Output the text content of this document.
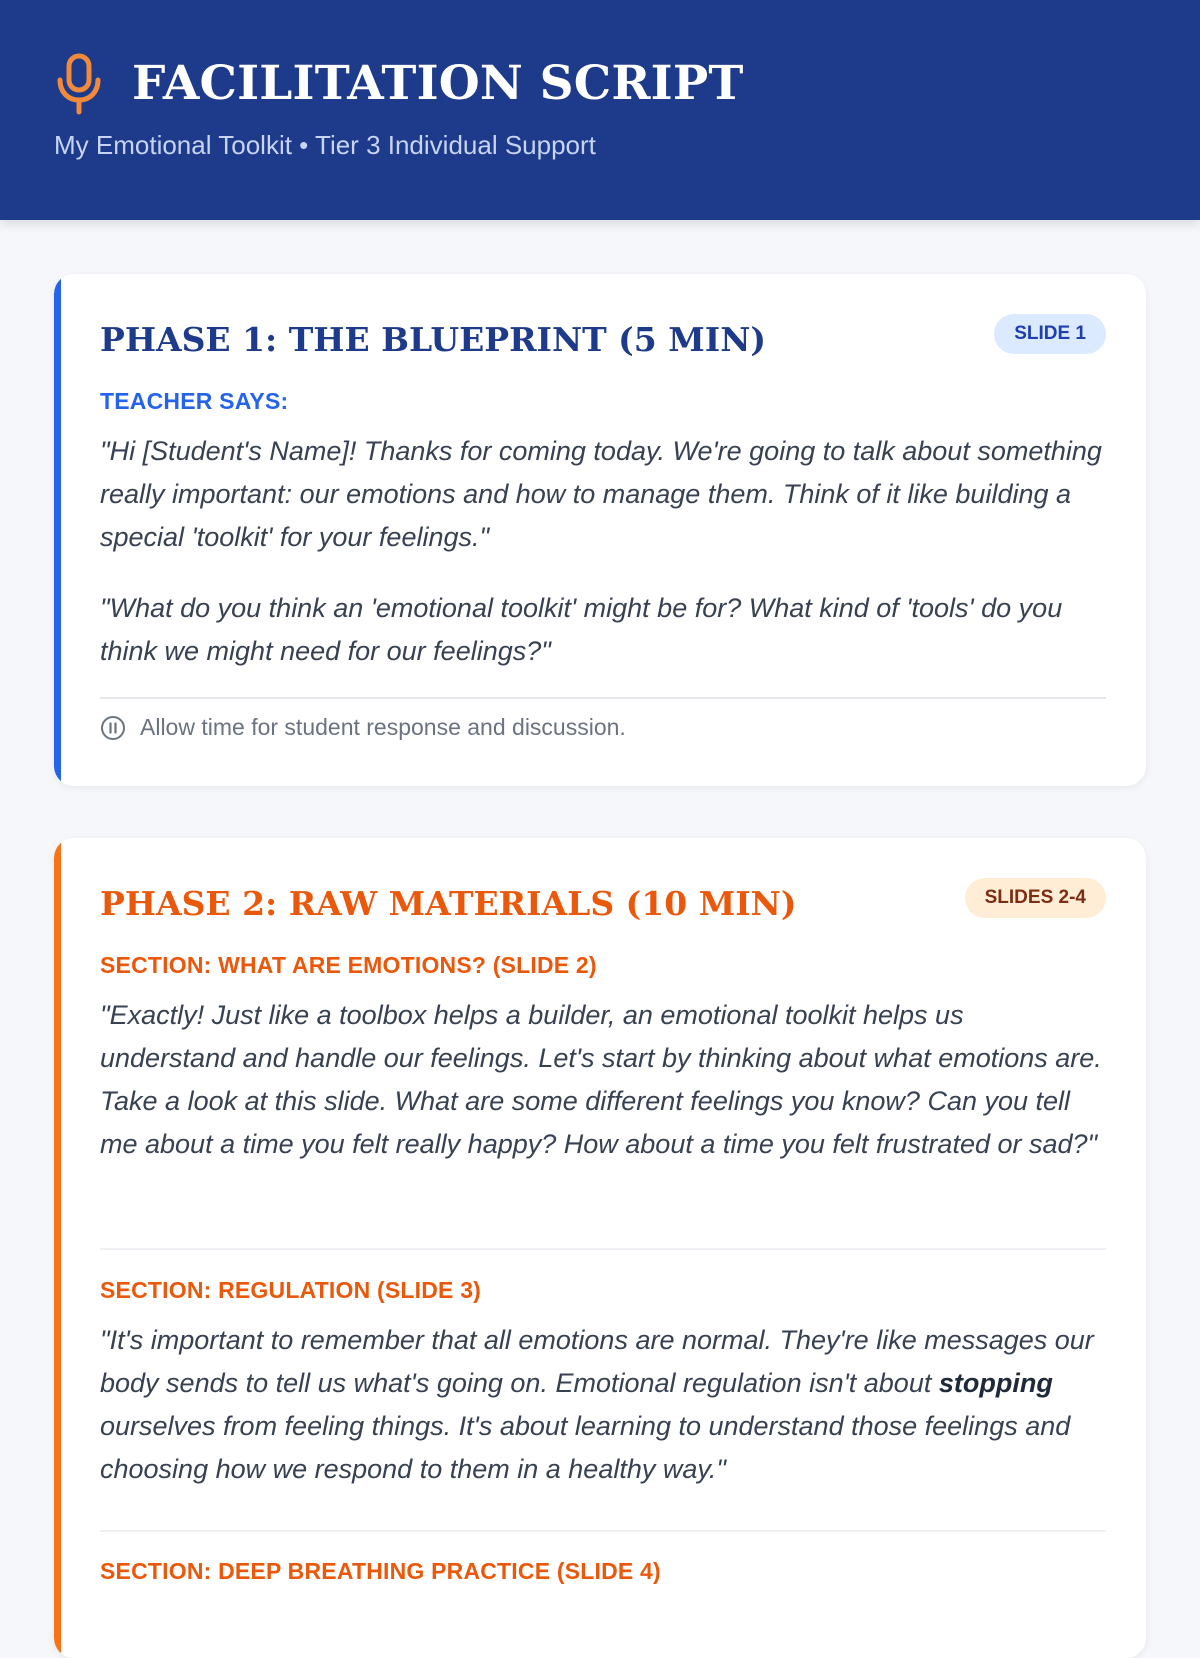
FACILITATION SCRIPT
My Emotional Toolkit • Tier 3 Individual Support
PHASE 1: THE BLUEPRINT (5 MIN)	SLIDE 1
TEACHER SAYS:

"Hi [Student's Name]! Thanks for coming today. We're going to talk about something really important: our emotions and how to manage them. Think of it like building a special 'toolkit' for your feelings."

"What do you think an 'emotional toolkit' might be for? What kind of 'tools' do you think we might need for our feelings?"

Allow time for student response and discussion.
PHASE 2: RAW MATERIALS (10 MIN)	SLIDES 2-4
SECTION: WHAT ARE EMOTIONS? (SLIDE 2)

"Exactly! Just like a toolbox helps a builder, an emotional toolkit helps us understand and handle our feelings. Let's start by thinking about what emotions are. Take a look at this slide. What are some different feelings you know? Can you tell me about a time you felt really happy? How about a time you felt frustrated or sad?"

SECTION: REGULATION (SLIDE 3)

"It's important to remember that all emotions are normal. They're like messages our body sends to tell us what's going on. Emotional regulation isn't about stopping ourselves from feeling things. It's about learning to understand those feelings and choosing how we respond to them in a healthy way."

SECTION: DEEP BREATHING PRACTICE (SLIDE 4)
